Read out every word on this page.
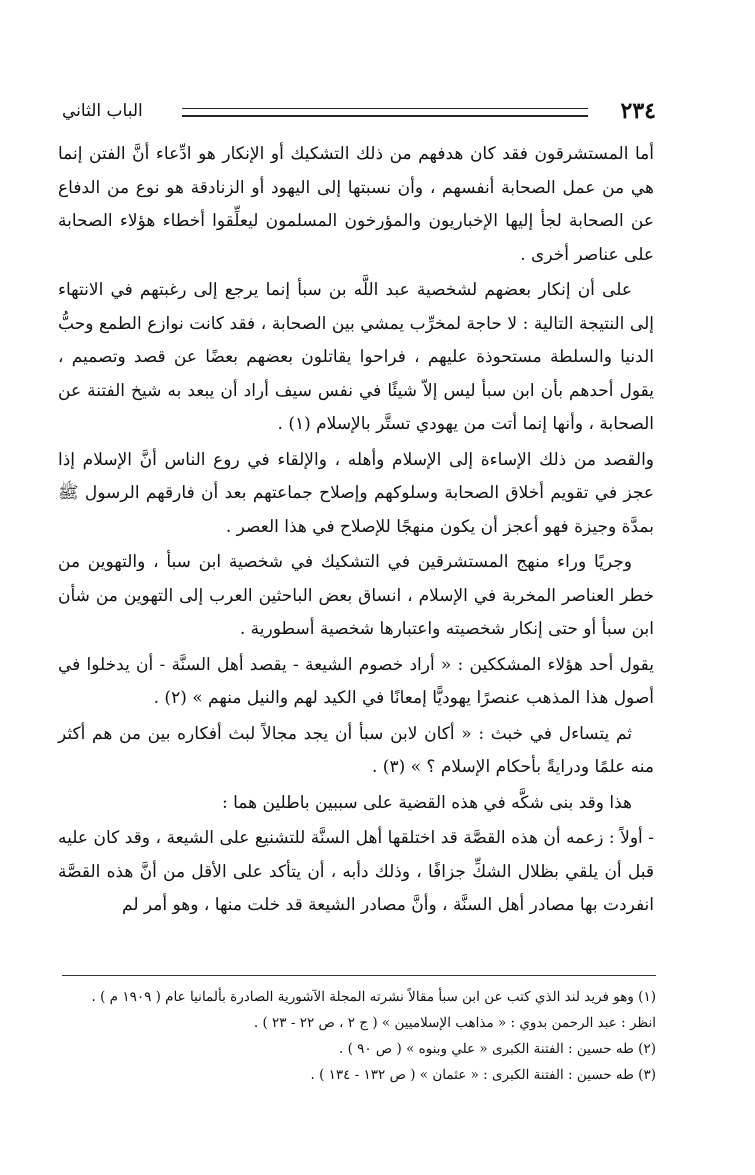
الباب الثاني	٢٣٤

أما المستشرقون فقد كان هدفهم من ذلك التشكيك أو الإنكار هو ادِّعاء أنَّ الفتن إنما هي من عمل الصحابة أنفسهم ، وأن نسبتها إلى اليهود أو الزنادقة هو نوع من الدفاع عن الصحابة لجأ إليها الإخباريون والمؤرخون المسلمون ليعلِّقوا أخطاء هؤلاء الصحابة على عناصر أخرى .

على أن إنكار بعضهم لشخصية عبد اللَّه بن سبأ إنما يرجع إلى رغبتهم في الانتهاء إلى النتيجة التالية : لا حاجة لمخرِّب يمشي بين الصحابة ، فقد كانت نوازع الطمع وحبُّ الدنيا والسلطة مستحوذة عليهم ، فراحوا يقاتلون بعضهم بعضًا عن قصد وتصميم ، يقول أحدهم بأن ابن سبأ ليس إلاّ شيئًا في نفس سيف أراد أن يبعد به شيخ الفتنة عن الصحابة ، وأنها إنما أتت من يهودي تستَّر بالإسلام (١) .

والقصد من ذلك الإساءة إلى الإسلام وأهله ، والإلقاء في روع الناس أنَّ الإسلام إذا عجز في تقويم أخلاق الصحابة وسلوكهم وإصلاح جماعتهم بعد أن فارقهم الرسول ﷺ بمدَّة وجيزة فهو أعجز أن يكون منهجًا للإصلاح في هذا العصر .

وجريًا وراء منهج المستشرقين في التشكيك في شخصية ابن سبأ ، والتهوين من خطر العناصر المخربة في الإسلام ، انساق بعض الباحثين العرب إلى التهوين من شأن ابن سبأ أو حتى إنكار شخصيته واعتبارها شخصية أسطورية .

يقول أحد هؤلاء المشككين : « أراد خصوم الشيعة - يقصد أهل السنَّة - أن يدخلوا في أصول هذا المذهب عنصرًا يهوديًّا إمعانًا في الكيد لهم والنيل منهم » (٢) .

ثم يتساءل في خبث : « أكان لابن سبأ أن يجد مجالاً لبث أفكاره بين من هم أكثر منه علمًا ودرايةً بأحكام الإسلام ؟ » (٣) .

هذا وقد بنى شكَّه في هذه القضية على سببين باطلين هما :

- أولاً : زعمه أن هذه القصَّة قد اختلقها أهل السنَّة للتشنيع على الشيعة ، وقد كان عليه قبل أن يلقي بظلال الشكِّ جزافًا ، وذلك دأبه ، أن يتأكد على الأقل من أنَّ هذه القصَّة انفردت بها مصادر أهل السنَّة ، وأنَّ مصادر الشيعة قد خلت منها ، وهو أمر لم

(١) وهو فريد لند الذي كتب عن ابن سبأ مقالاً نشرته المجلة الآشورية الصادرة بألمانيا عام ( ١٩٠٩ م ) .

انظر : عبد الرحمن بدوي : « مذاهب الإسلاميين » ( ج ٢ ، ص ٢٢ - ٢٣ ) .

(٢) طه حسين : الفتنة الكبرى « علي وبنوه » ( ص ٩٠ ) .

(٣) طه حسين : الفتنة الكبرى : « عثمان » ( ص ١٣٢ - ١٣٤ ) .
